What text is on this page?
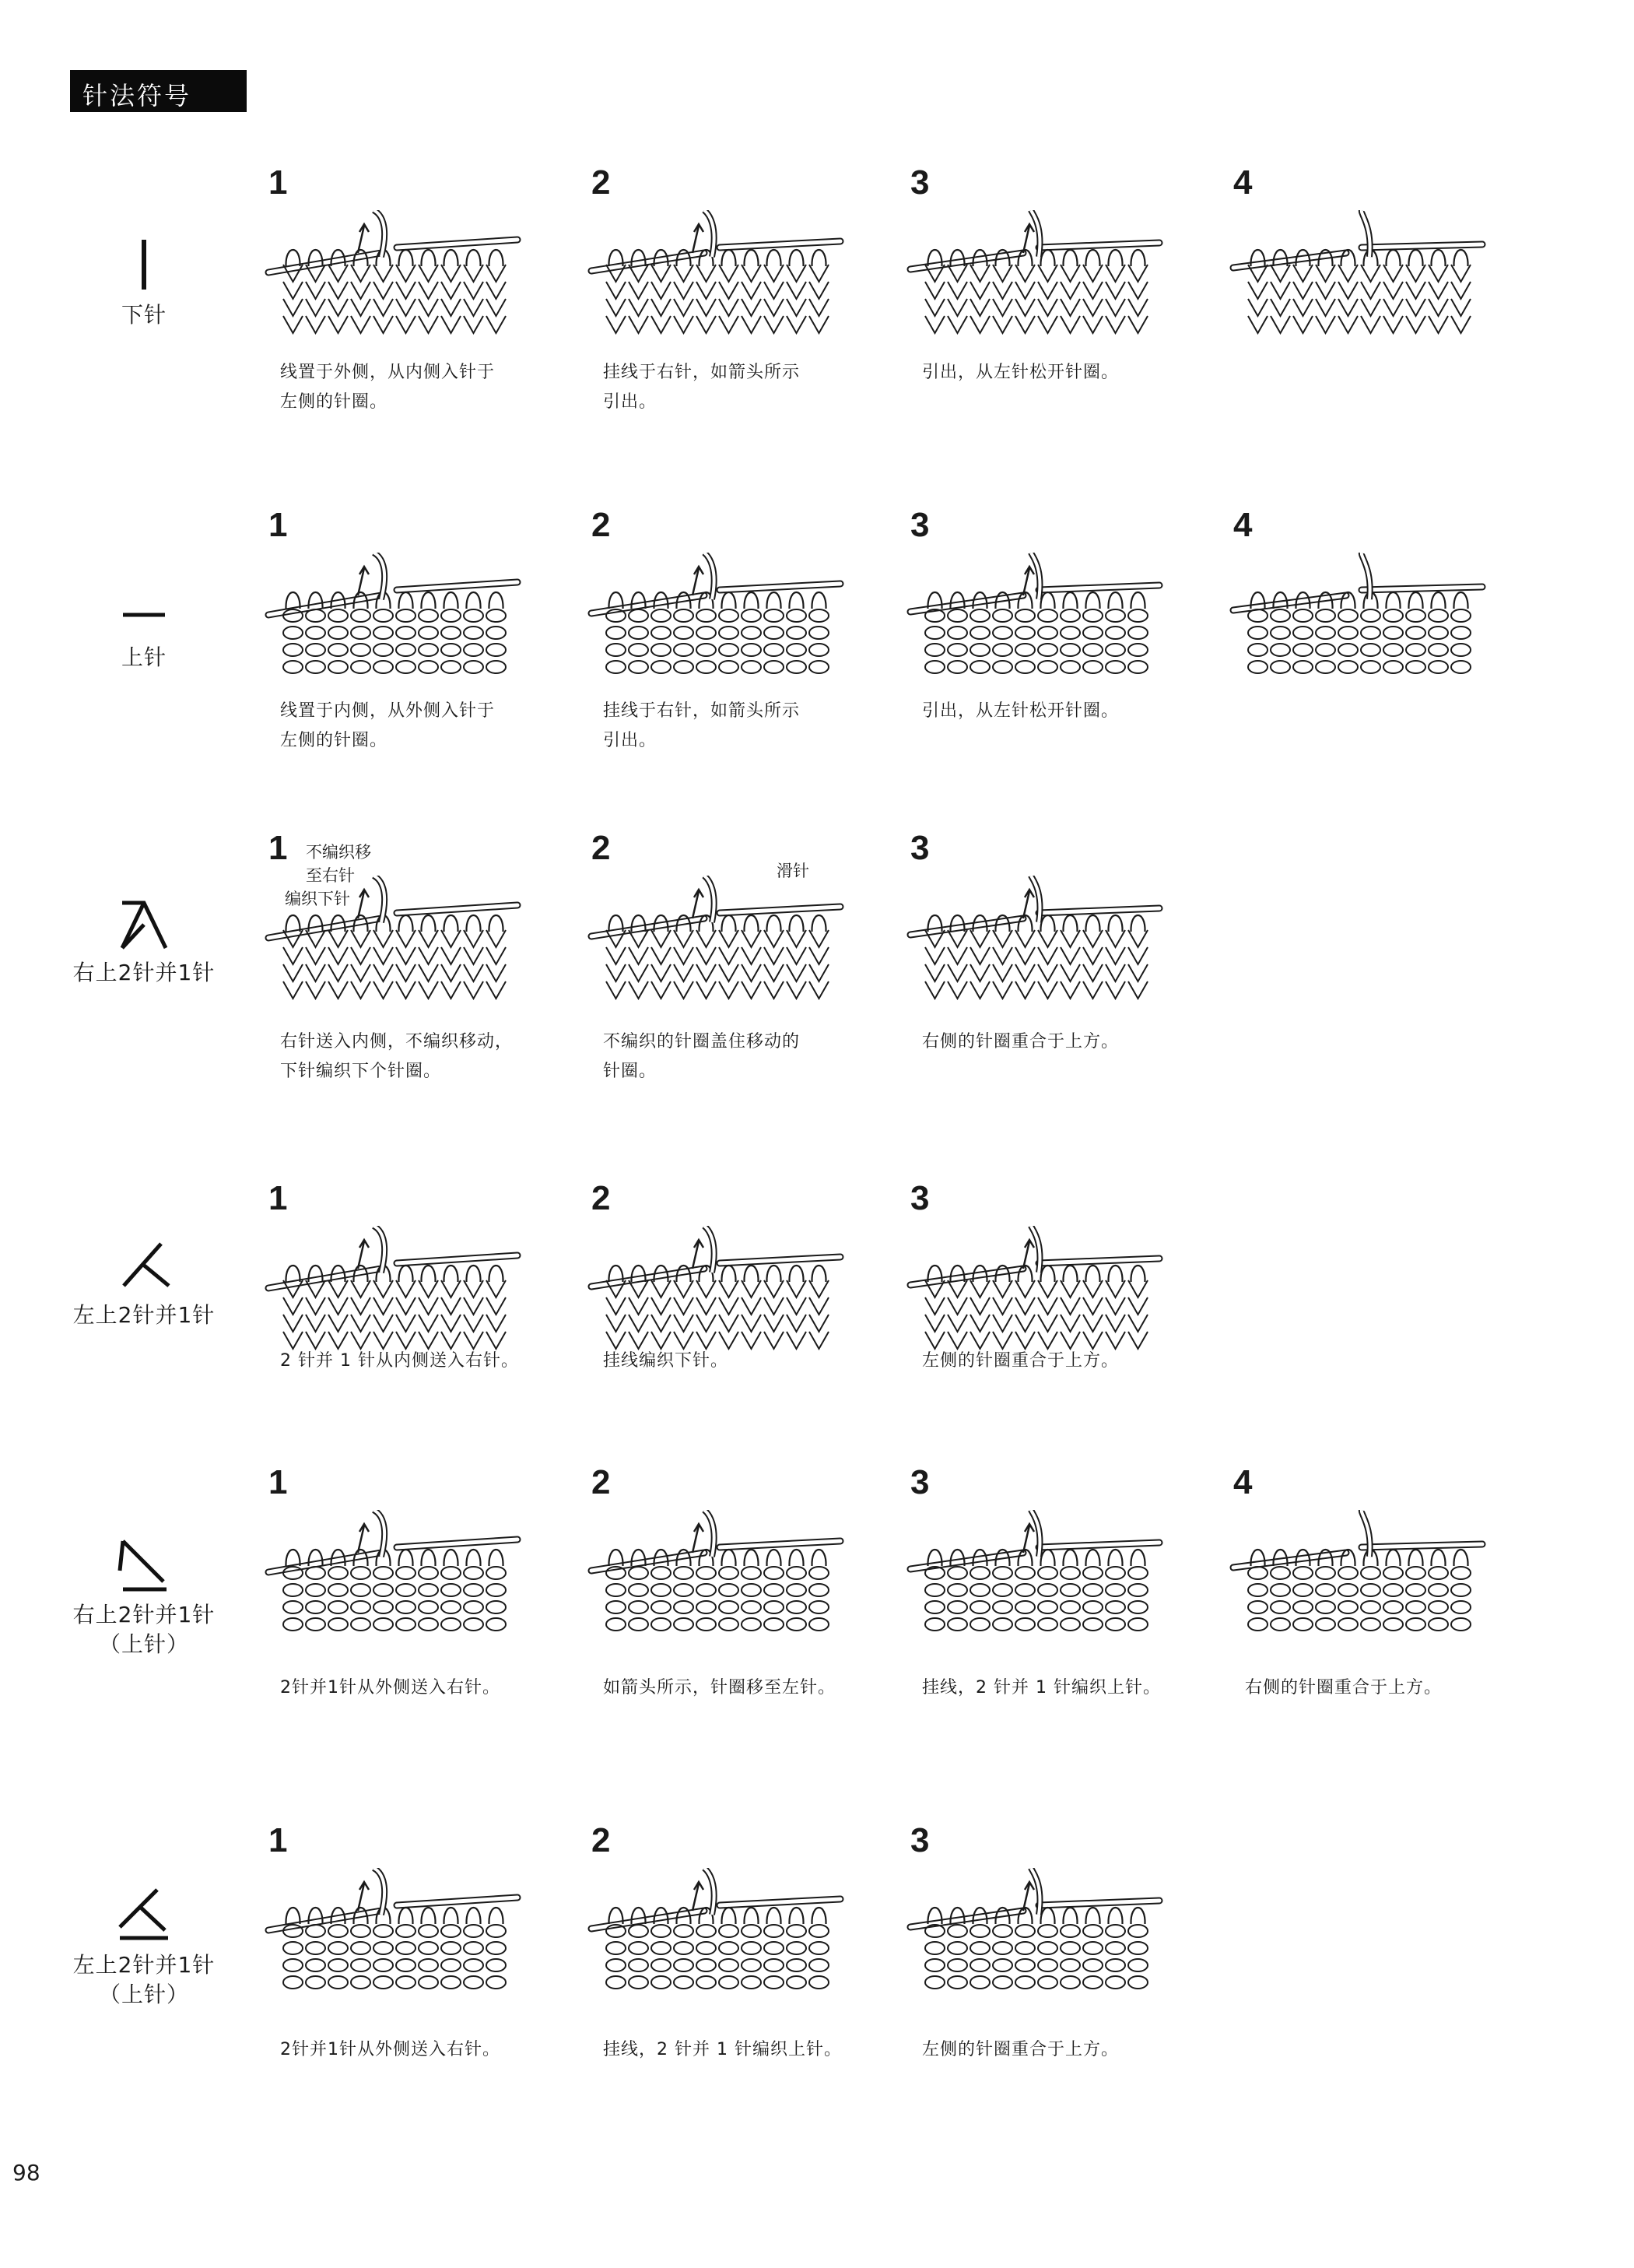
针法符号
下针
上针
右上2针并1针
左上2针并1针
右上2针并1针
（上针）
左上2针并1针
（上针）
1
线置于外侧，从内侧入针于
左侧的针圈。
2
挂线于右针，如箭头所示
引出。
3
引出，从左针松开针圈。
4
1
线置于内侧，从外侧入针于
左侧的针圈。
2
挂线于右针，如箭头所示
引出。
3
引出，从左针松开针圈。
4
1
右针送入内侧，不编织移动，
下针编织下个针圈。
2
不编织的针圈盖住移动的
针圈。
3
右侧的针圈重合于上方。
1
2 针并 1 针从内侧送入右针。
2
挂线编织下针。
3
左侧的针圈重合于上方。
1
2针并1针从外侧送入右针。
2
如箭头所示，针圈移至左针。
3
挂线，2 针并 1 针编织上针。
4
右侧的针圈重合于上方。
1
2针并1针从外侧送入右针。
2
挂线，2 针并 1 针编织上针。
3
左侧的针圈重合于上方。
不编织移
至右针
编织下针
滑针
98
